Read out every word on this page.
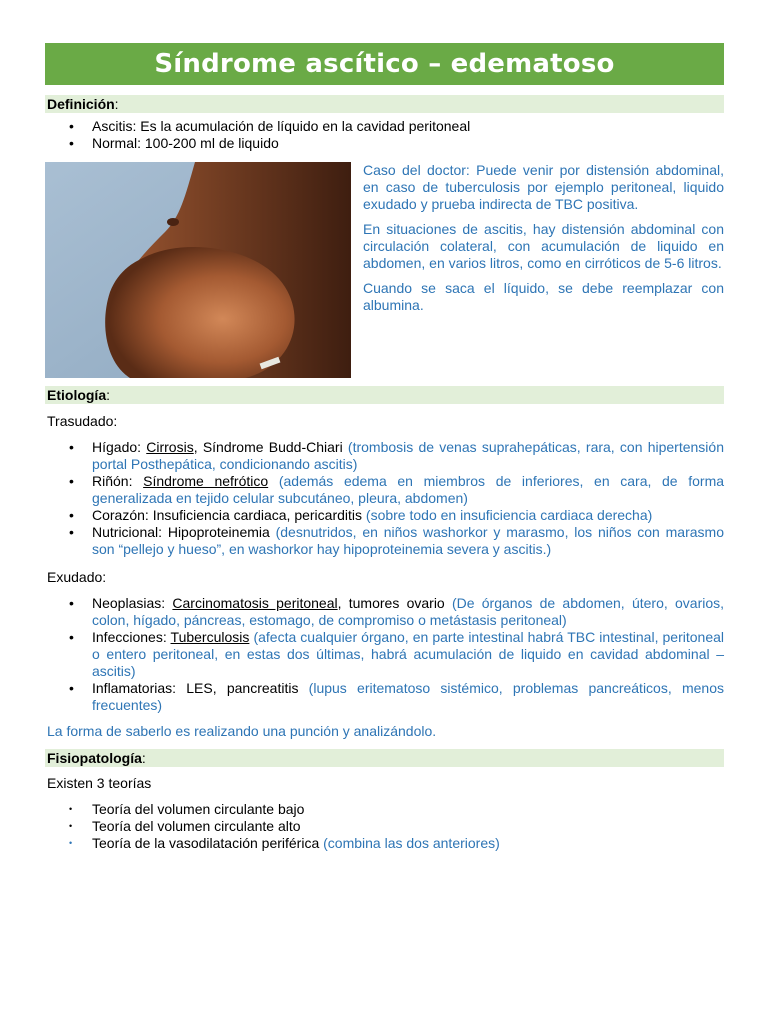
Síndrome ascítico – edematoso
Definición:
• Ascitis: Es la acumulación de líquido en la cavidad peritoneal
• Normal: 100-200 ml de liquido

Caso del doctor: Puede venir por distensión abdominal, en caso de tuberculosis por ejemplo peritoneal, liquido exudado y prueba indirecta de TBC positiva.

En situaciones de ascitis, hay distensión abdominal con circulación colateral, con acumulación de liquido en abdomen, en varios litros, como en cirróticos de 5-6 litros.

Cuando se saca el líquido, se debe reemplazar con albumina.

Etiología:

Trasudado:

• Hígado: Cirrosis, Síndrome Budd-Chiari (trombosis de venas suprahepáticas, rara, con hipertensión portal Posthepática, condicionando ascitis)
• Riñón: Síndrome nefrótico (además edema en miembros de inferiores, en cara, de forma generalizada en tejido celular subcutáneo, pleura, abdomen)
• Corazón: Insuficiencia cardiaca, pericarditis (sobre todo en insuficiencia cardiaca derecha)
• Nutricional: Hipoproteinemia (desnutridos, en niños washorkor y marasmo, los niños con marasmo son “pellejo y hueso”, en washorkor hay hipoproteinemia severa y ascitis.)

Exudado:

• Neoplasias: Carcinomatosis peritoneal, tumores ovario (De órganos de abdomen, útero, ovarios, colon, hígado, páncreas, estomago, de compromiso o metástasis peritoneal)
• Infecciones: Tuberculosis (afecta cualquier órgano, en parte intestinal habrá TBC intestinal, peritoneal o entero peritoneal, en estas dos últimas, habrá acumulación de liquido en cavidad abdominal – ascitis)
• Inflamatorias: LES, pancreatitis (lupus eritematoso sistémico, problemas pancreáticos, menos frecuentes)

La forma de saberlo es realizando una punción y analizándolo.

Fisiopatología:

Existen 3 teorías

• Teoría del volumen circulante bajo
• Teoría del volumen circulante alto
• Teoría de la vasodilatación periférica (combina las dos anteriores)
